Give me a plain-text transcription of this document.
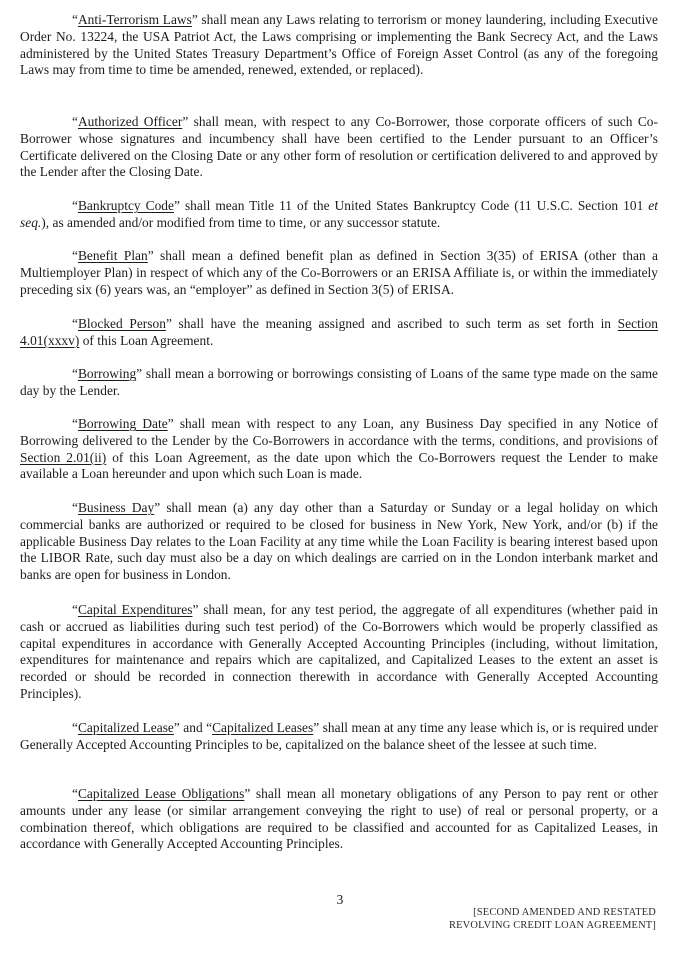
“Anti-Terrorism Laws” shall mean any Laws relating to terrorism or money laundering, including Executive Order No. 13224, the USA Patriot Act, the Laws comprising or implementing the Bank Secrecy Act, and the Laws administered by the United States Treasury Department’s Office of Foreign Asset Control (as any of the foregoing Laws may from time to time be amended, renewed, extended, or replaced).

“Authorized Officer” shall mean, with respect to any Co-Borrower, those corporate officers of such Co-Borrower whose signatures and incumbency shall have been certified to the Lender pursuant to an Officer’s Certificate delivered on the Closing Date or any other form of resolution or certification delivered to and approved by the Lender after the Closing Date.

“Bankruptcy Code” shall mean Title 11 of the United States Bankruptcy Code (11 U.S.C. Section 101 et seq.), as amended and/or modified from time to time, or any successor statute.

“Benefit Plan” shall mean a defined benefit plan as defined in Section 3(35) of ERISA (other than a Multiemployer Plan) in respect of which any of the Co-Borrowers or an ERISA Affiliate is, or within the immediately preceding six (6) years was, an “employer” as defined in Section 3(5) of ERISA.

“Blocked Person” shall have the meaning assigned and ascribed to such term as set forth in Section 4.01(xxxv) of this Loan Agreement.

“Borrowing” shall mean a borrowing or borrowings consisting of Loans of the same type made on the same day by the Lender.

“Borrowing Date” shall mean with respect to any Loan, any Business Day specified in any Notice of Borrowing delivered to the Lender by the Co-Borrowers in accordance with the terms, conditions, and provisions of Section 2.01(ii) of this Loan Agreement, as the date upon which the Co-Borrowers request the Lender to make available a Loan hereunder and upon which such Loan is made.

“Business Day” shall mean (a) any day other than a Saturday or Sunday or a legal holiday on which commercial banks are authorized or required to be closed for business in New York, New York, and/or (b) if the applicable Business Day relates to the Loan Facility at any time while the Loan Facility is bearing interest based upon the LIBOR Rate, such day must also be a day on which dealings are carried on in the London interbank market and banks are open for business in London.

“Capital Expenditures” shall mean, for any test period, the aggregate of all expenditures (whether paid in cash or accrued as liabilities during such test period) of the Co-Borrowers which would be properly classified as capital expenditures in accordance with Generally Accepted Accounting Principles (including, without limitation, expenditures for maintenance and repairs which are capitalized, and Capitalized Leases to the extent an asset is recorded or should be recorded in connection therewith in accordance with Generally Accepted Accounting Principles).

“Capitalized Lease” and “Capitalized Leases” shall mean at any time any lease which is, or is required under Generally Accepted Accounting Principles to be, capitalized on the balance sheet of the lessee at such time.

“Capitalized Lease Obligations” shall mean all monetary obligations of any Person to pay rent or other amounts under any lease (or similar arrangement conveying the right to use) of real or personal property, or a combination thereof, which obligations are required to be classified and accounted for as Capitalized Leases, in accordance with Generally Accepted Accounting Principles.

3
[SECOND AMENDED AND RESTATED
REVOLVING CREDIT LOAN AGREEMENT]
